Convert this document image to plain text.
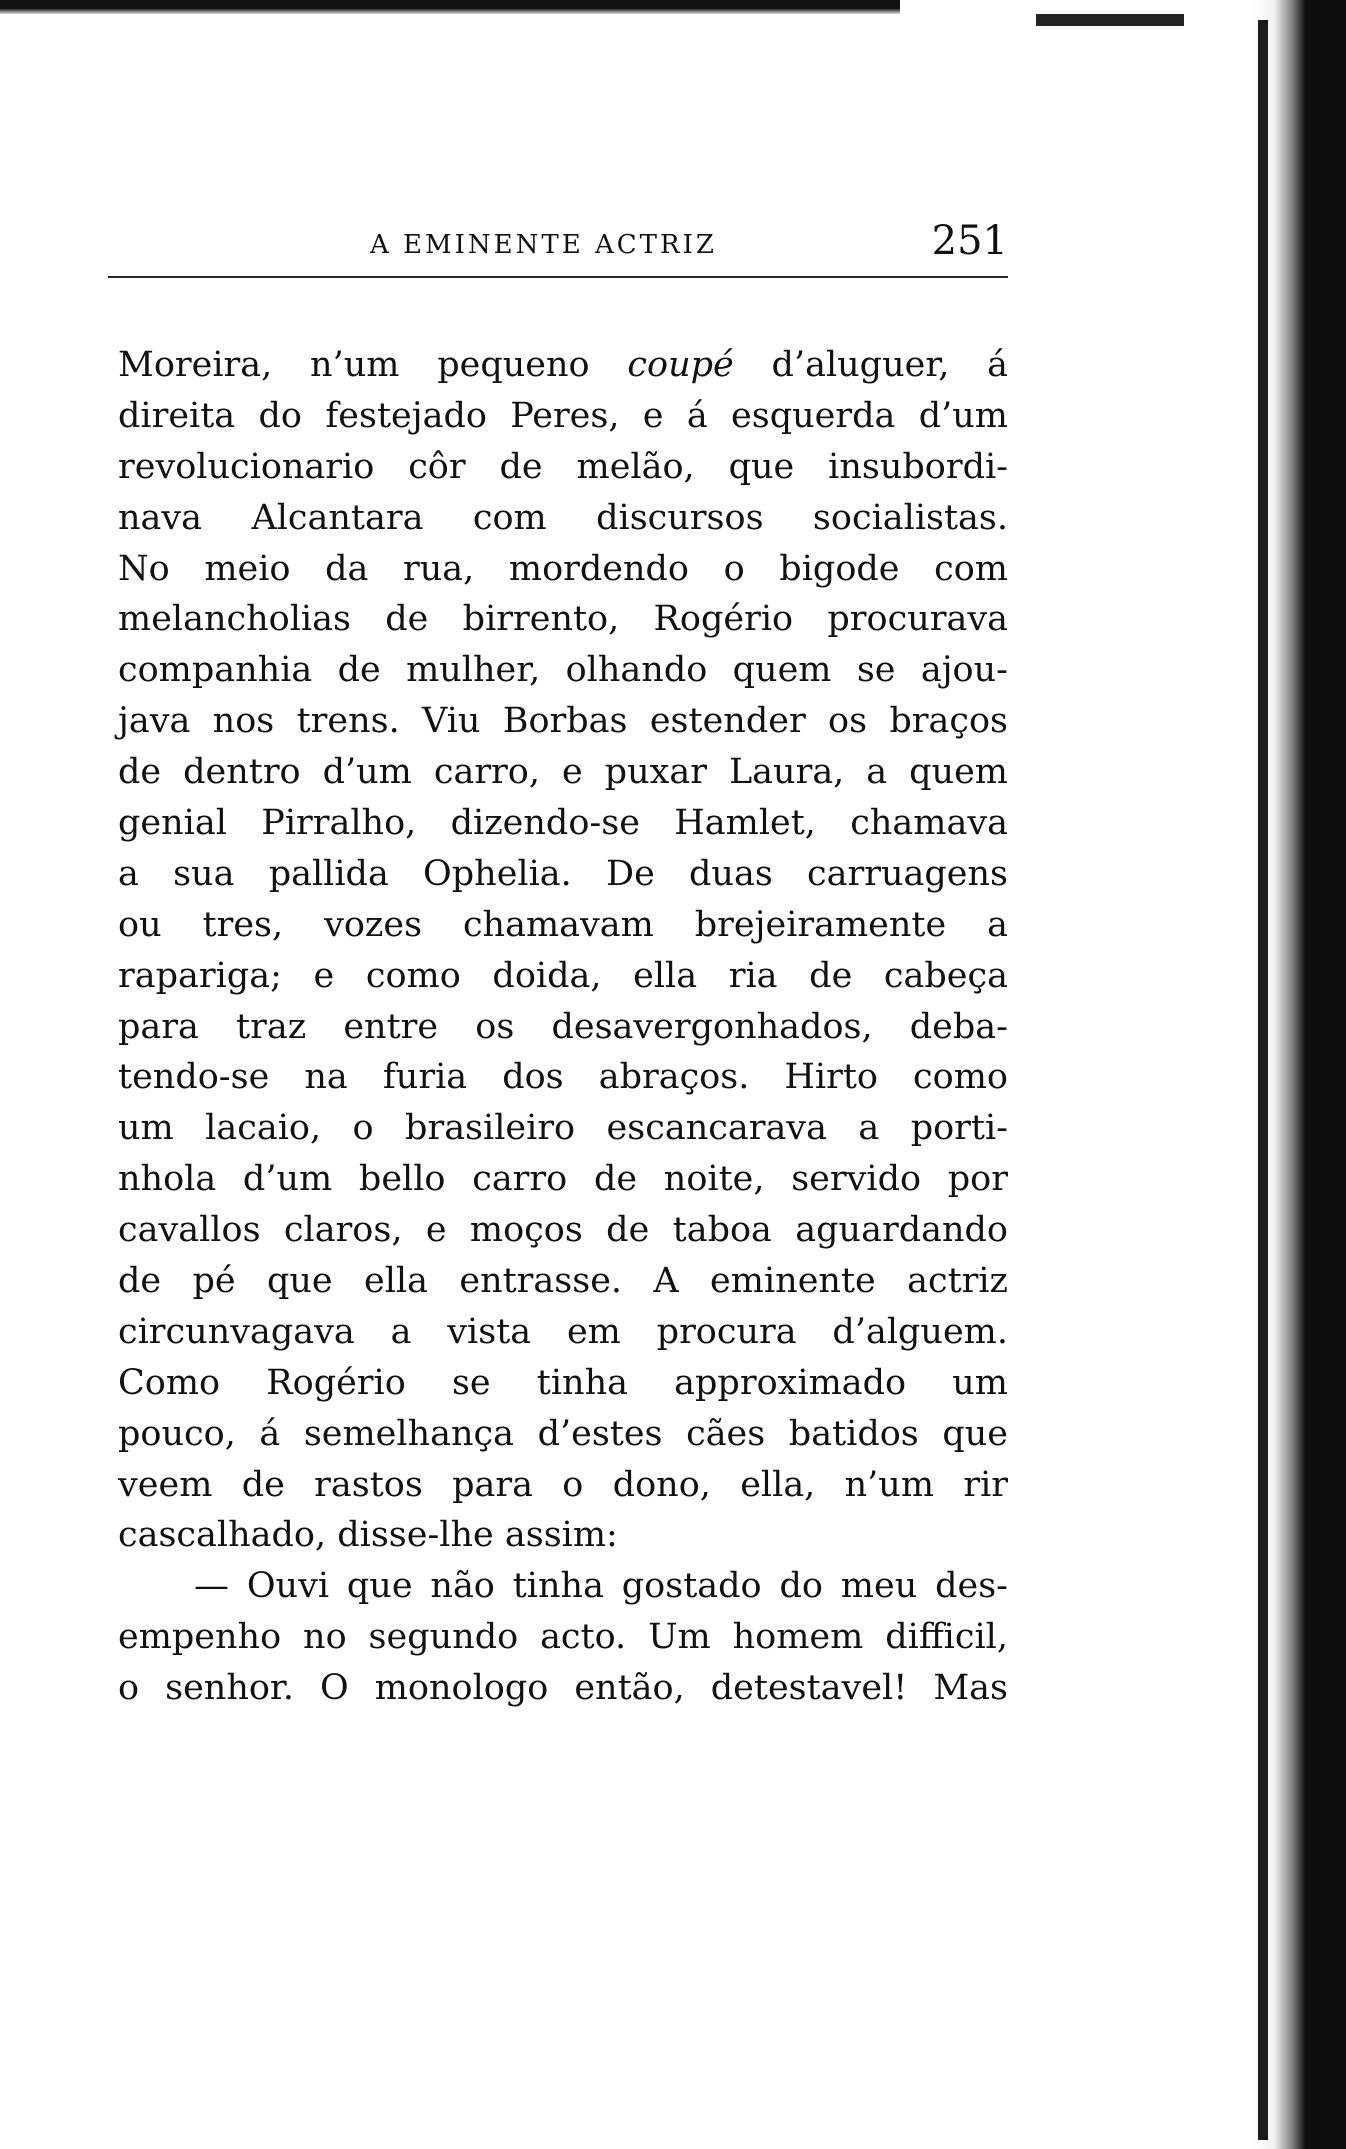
A EMINENTE ACTRIZ	251
Moreira, n’um pequeno coupé d’aluguer, á
direita do festejado Peres, e á esquerda d’um
revolucionario côr de melão, que insubordi-
nava Alcantara com discursos socialistas.
No meio da rua, mordendo o bigode com
melancholias de birrento, Rogério procurava
companhia de mulher, olhando quem se ajou-
java nos trens. Viu Borbas estender os braços
de dentro d’um carro, e puxar Laura, a quem
genial Pirralho, dizendo-se Hamlet, chamava
a sua pallida Ophelia. De duas carruagens
ou tres, vozes chamavam brejeiramente a
rapariga; e como doida, ella ria de cabeça
para traz entre os desavergonhados, deba-
tendo-se na furia dos abraços. Hirto como
um lacaio, o brasileiro escancarava a porti-
nhola d’um bello carro de noite, servido por
cavallos claros, e moços de taboa aguardando
de pé que ella entrasse. A eminente actriz
circunvagava a vista em procura d’alguem.
Como Rogério se tinha approximado um
pouco, á semelhança d’estes cães batidos que
veem de rastos para o dono, ella, n’um rir
cascalhado, disse-lhe assim:
— Ouvi que não tinha gostado do meu des-
empenho no segundo acto. Um homem difficil,
o senhor. O monologo então, detestavel! Mas
